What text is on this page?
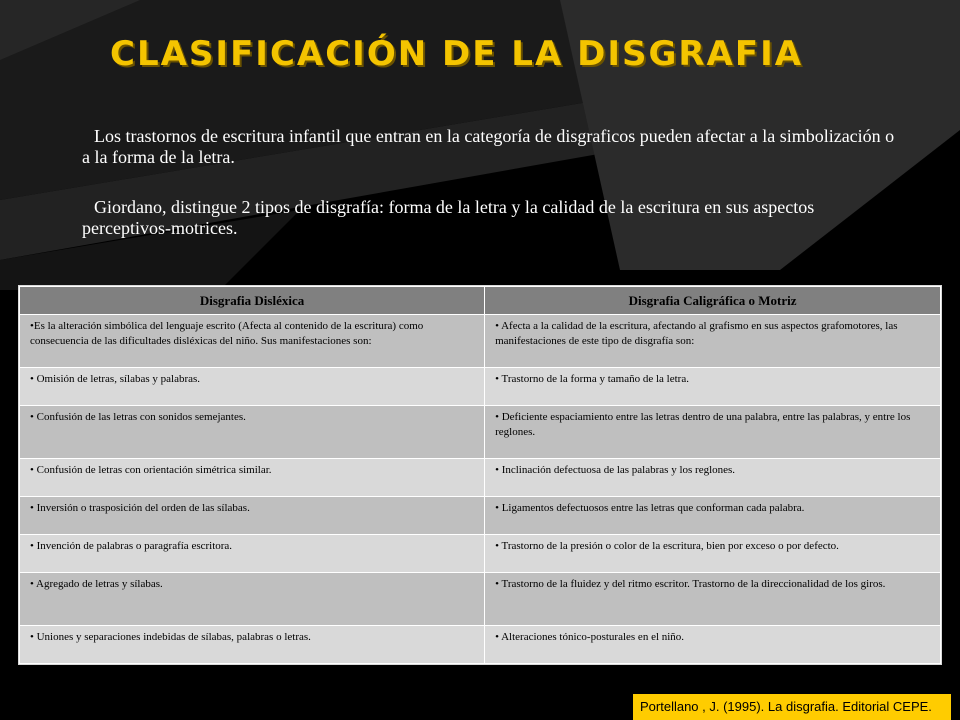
CLASIFICACIÓN DE LA DISGRAFIA
Los trastornos de escritura infantil que entran en la categoría de disgraficos pueden afectar a la simbolización o a la forma de la letra.
Giordano, distingue 2 tipos de disgrafía: forma de la letra y la calidad de la escritura en sus aspectos perceptivos-motrices.
Disgrafia Disléxica	Disgrafia Caligráfica o Motriz
•Es la alteración simbólica del lenguaje escrito (Afecta al contenido de la escritura) como consecuencia de las dificultades disléxicas del niño. Sus manifestaciones son:	• Afecta a la calidad de la escritura, afectando al grafismo en sus aspectos grafomotores, las manifestaciones de este tipo de disgrafía son:
• Omisión de letras, sílabas y palabras.	• Trastorno de la forma y tamaño de la letra.
• Confusión de las letras con sonidos semejantes.	• Deficiente espaciamiento entre las letras dentro de una palabra, entre las palabras, y entre los reglones.
• Confusión de letras con orientación simétrica similar.	• Inclinación defectuosa de las palabras y los reglones.
• Inversión o trasposición del orden de las sílabas.	• Ligamentos defectuosos entre las letras que conforman cada palabra.
• Invención de palabras o paragrafía escritora.	• Trastorno de la presión o color de la escritura, bien por exceso o por defecto.
• Agregado de letras y sílabas.	• Trastorno de la fluidez y del ritmo escritor. Trastorno de la direccionalidad de los giros.
• Uniones y separaciones indebidas de sílabas, palabras o letras.	• Alteraciones tónico-posturales en el niño.
Portellano , J. (1995). La disgrafia. Editorial CEPE.
